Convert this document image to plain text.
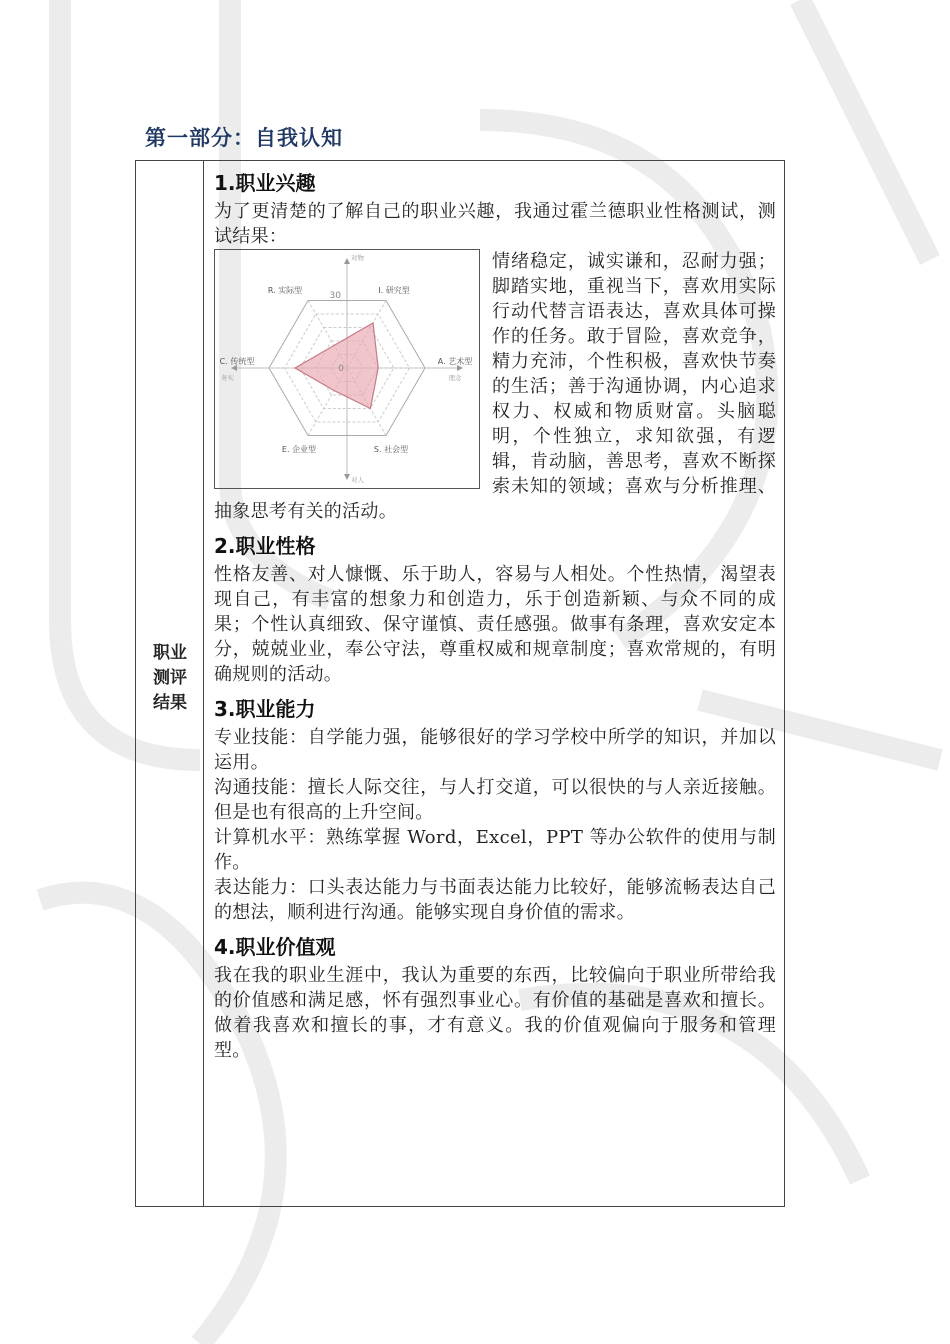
第一部分：自我认知
职业
测评
结果
1.职业兴趣

为了更清楚的了解自己的职业兴趣，我通过霍兰德职业性格测试，测试结果：

R. 实际型	I. 研究型
A. 艺术型
S. 社会型
E. 企业型
C. 传统型
30
0
对物
对人
务实	理念

情绪稳定，诚实谦和，忍耐力强；脚踏实地，重视当下，喜欢用实际行动代替言语表达，喜欢具体可操作的任务。敢于冒险，喜欢竞争，精力充沛，个性积极，喜欢快节奏的生活；善于沟通协调，内心追求权力、权威和物质财富。头脑聪明，个性独立，求知欲强，有逻辑，肯动脑，善思考，喜欢不断探索未知的领域；喜欢与分析推理、抽象思考有关的活动。

2.职业性格

性格友善、对人慷慨、乐于助人，容易与人相处。个性热情，渴望表现自己，有丰富的想象力和创造力，乐于创造新颖、与众不同的成果；个性认真细致、保守谨慎、责任感强。做事有条理，喜欢安定本分，兢兢业业，奉公守法，尊重权威和规章制度；喜欢常规的，有明确规则的活动。

3.职业能力

专业技能：自学能力强，能够很好的学习学校中所学的知识，并加以运用。

沟通技能：擅长人际交往，与人打交道，可以很快的与人亲近接触。但是也有很高的上升空间。

计算机水平：熟练掌握 Word，Excel，PPT 等办公软件的使用与制作。

表达能力：口头表达能力与书面表达能力比较好，能够流畅表达自己的想法，顺利进行沟通。能够实现自身价值的需求。

4.职业价值观

我在我的职业生涯中，我认为重要的东西，比较偏向于职业所带给我的价值感和满足感，怀有强烈事业心。有价值的基础是喜欢和擅长。做着我喜欢和擅长的事，才有意义。我的价值观偏向于服务和管理型。
